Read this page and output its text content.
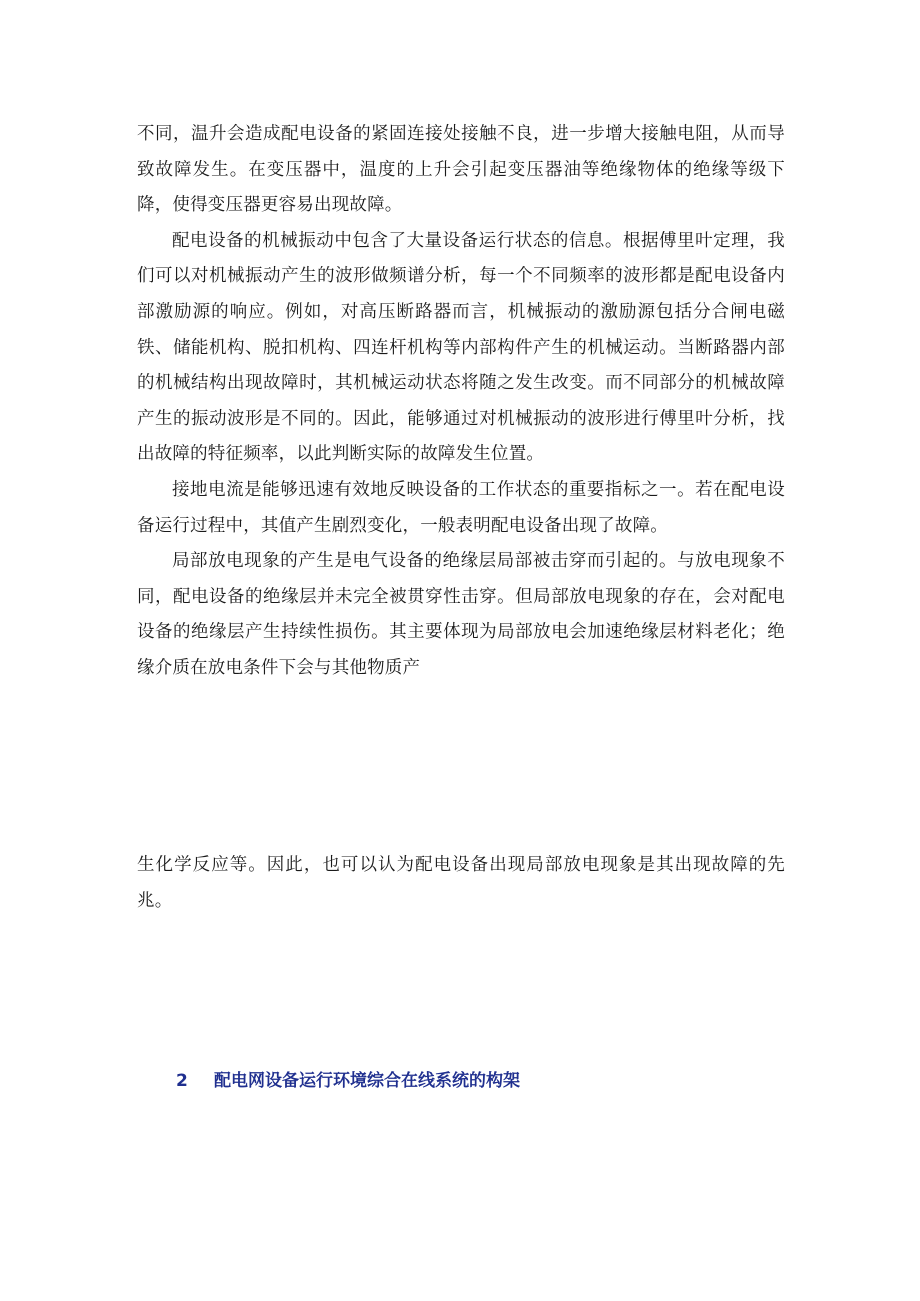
不同，温升会造成配电设备的紧固连接处接触不良，进一步增大接触电阻，从而导致故障发生。在变压器中，温度的上升会引起变压器油等绝缘物体的绝缘等级下降，使得变压器更容易出现故障。

配电设备的机械振动中包含了大量设备运行状态的信息。根据傅里叶定理，我们可以对机械振动产生的波形做频谱分析，每一个不同频率的波形都是配电设备内部激励源的响应。例如，对高压断路器而言，机械振动的激励源包括分合闸电磁铁、储能机构、脱扣机构、四连杆机构等内部构件产生的机械运动。当断路器内部的机械结构出现故障时，其机械运动状态将随之发生改变。而不同部分的机械故障产生的振动波形是不同的。因此，能够通过对机械振动的波形进行傅里叶分析，找出故障的特征频率，以此判断实际的故障发生位置。

接地电流是能够迅速有效地反映设备的工作状态的重要指标之一。若在配电设备运行过程中，其值产生剧烈变化，一般表明配电设备出现了故障。

局部放电现象的产生是电气设备的绝缘层局部被击穿而引起的。与放电现象不同，配电设备的绝缘层并未完全被贯穿性击穿。但局部放电现象的存在，会对配电设备的绝缘层产生持续性损伤。其主要体现为局部放电会加速绝缘层材料老化；绝缘介质在放电条件下会与其他物质产

生化学反应等。因此，也可以认为配电设备出现局部放电现象是其出现故障的先兆。

2 配电网设备运行环境综合在线系统的构架
